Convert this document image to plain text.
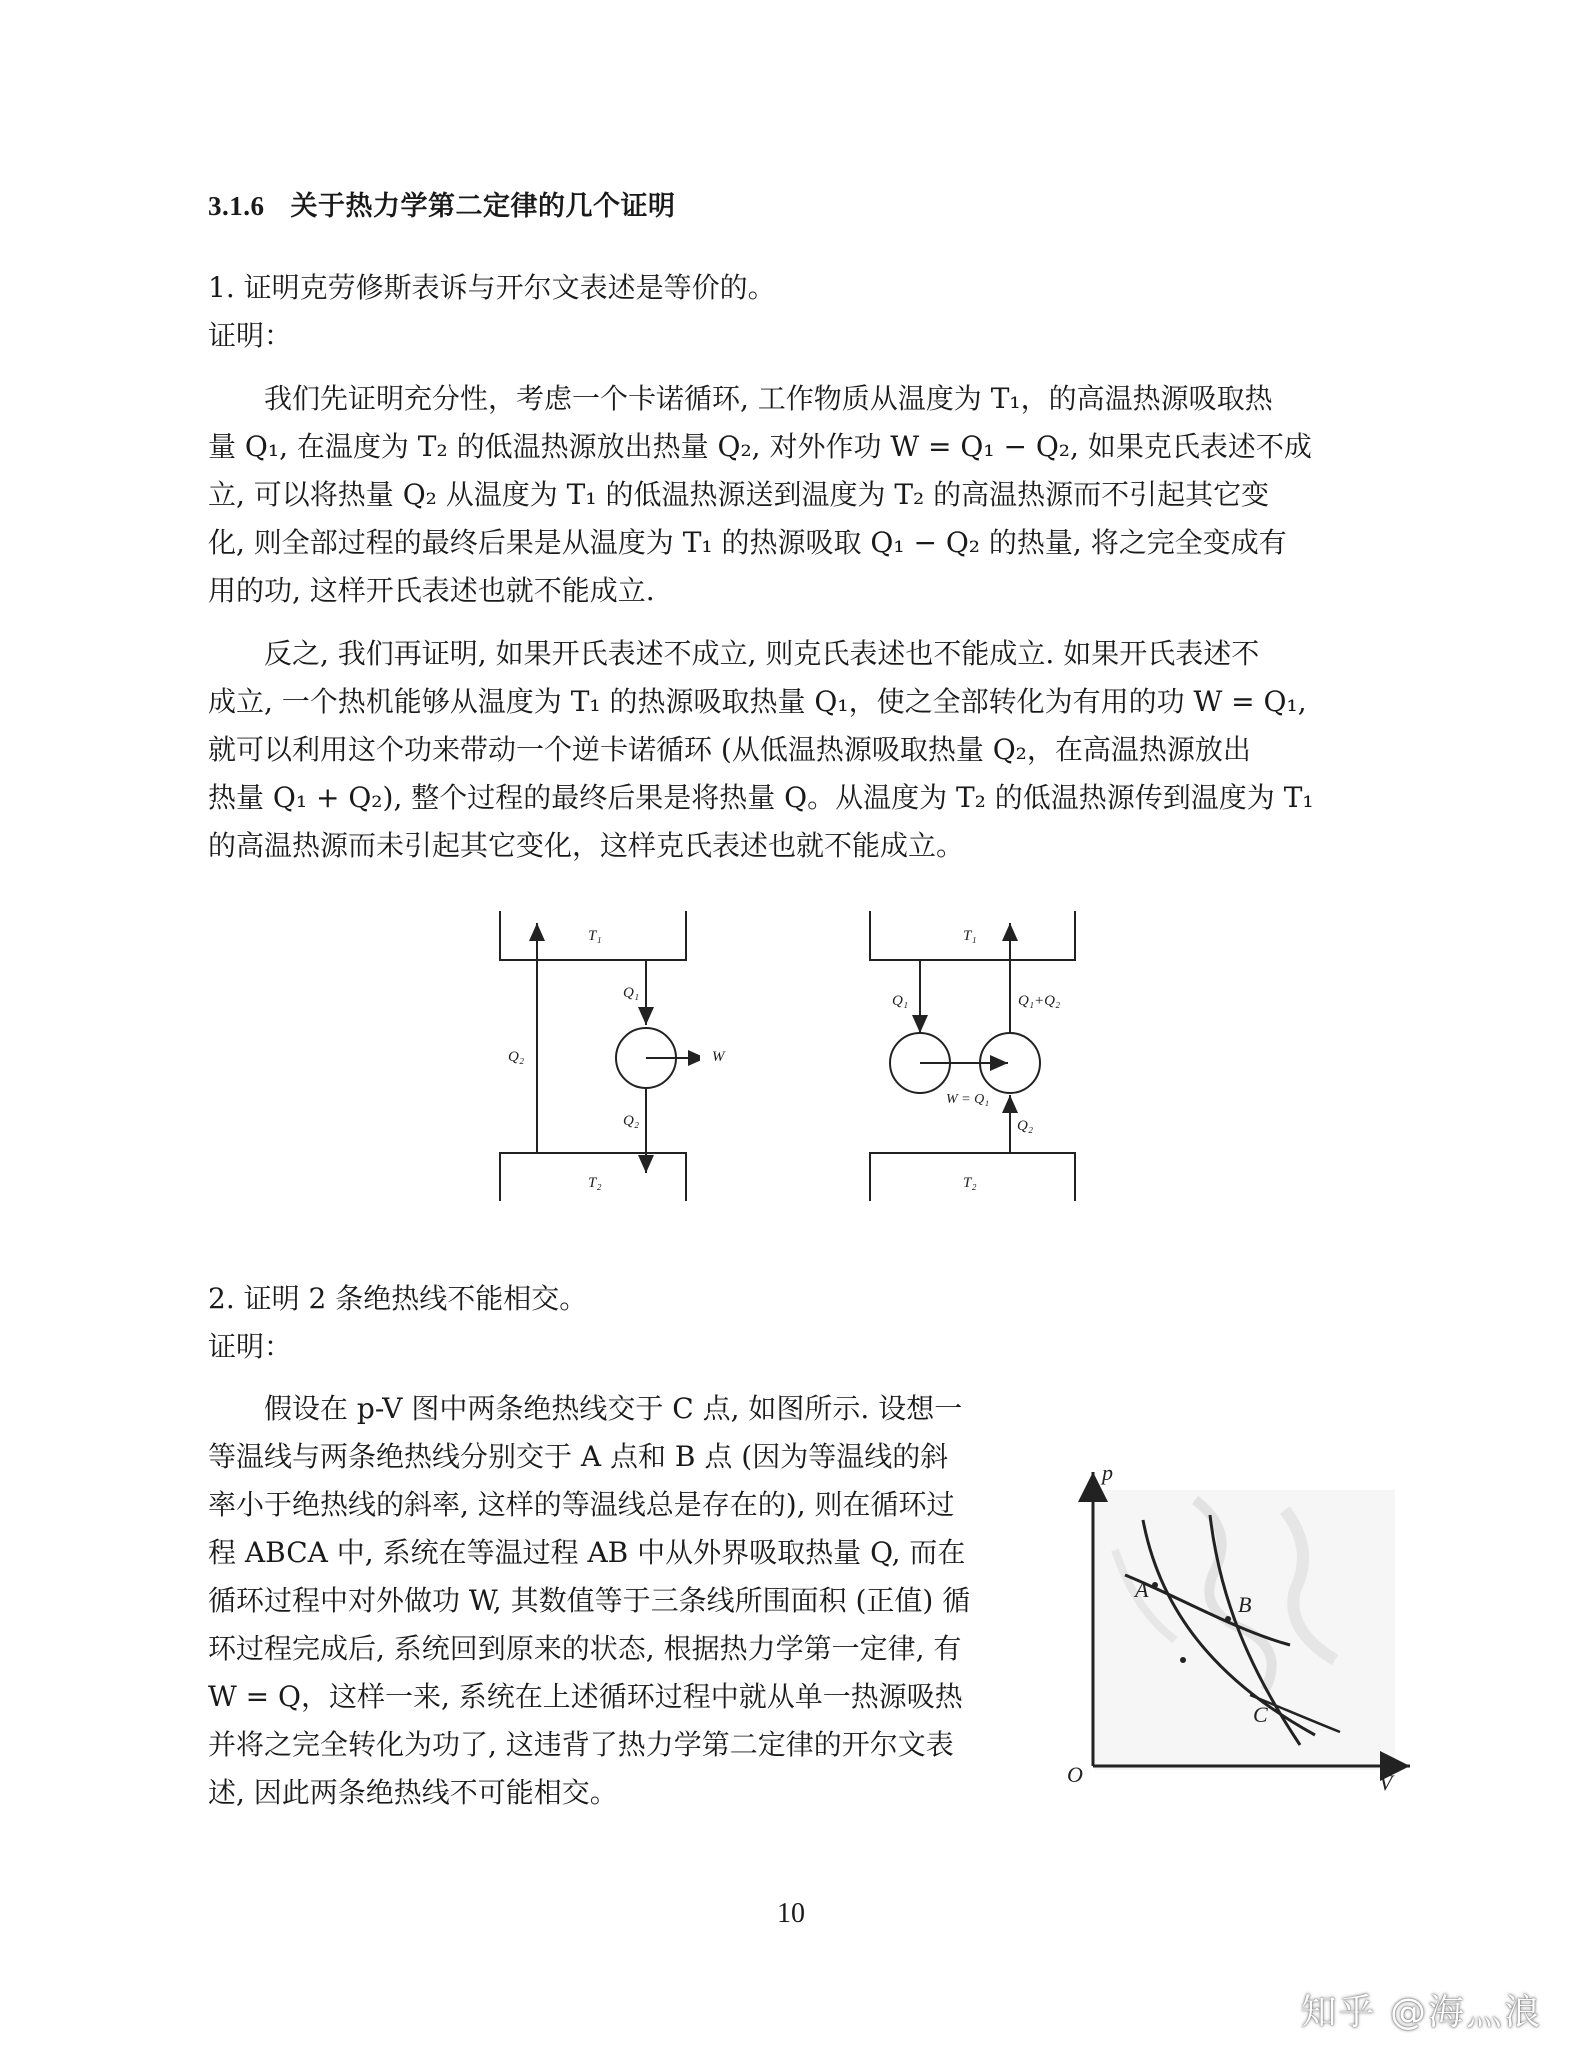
3.1.6 关于热力学第二定律的几个证明
1. 证明克劳修斯表诉与开尔文表述是等价的。
证明：

我们先证明充分性，考虑一个卡诺循环, 工作物质从温度为 T₁，的高温热源吸取热

量 Q₁, 在温度为 T₂ 的低温热源放出热量 Q₂, 对外作功 W = Q₁ − Q₂, 如果克氏表述不成

立, 可以将热量 Q₂ 从温度为 T₁ 的低温热源送到温度为 T₂ 的高温热源而不引起其它变

化, 则全部过程的最终后果是从温度为 T₁ 的热源吸取 Q₁ − Q₂ 的热量, 将之完全变成有

用的功, 这样开氏表述也就不能成立.

反之, 我们再证明, 如果开氏表述不成立, 则克氏表述也不能成立. 如果开氏表述不

成立, 一个热机能够从温度为 T₁ 的热源吸取热量 Q₁，使之全部转化为有用的功 W = Q₁,

就可以利用这个功来带动一个逆卡诺循环 (从低温热源吸取热量 Q₂，在高温热源放出

热量 Q₁ + Q₂), 整个过程的最终后果是将热量 Q。从温度为 T₂ 的低温热源传到温度为 T₁

的高温热源而未引起其它变化，这样克氏表述也就不能成立。

T₁
T₂
Q₂
Q₁
Q₂
W
T₁
T₂
Q₁	Q₁+Q₂
W = Q₁
Q₂
2. 证明 2 条绝热线不能相交。
证明：

假设在 p-V 图中两条绝热线交于 C 点, 如图所示. 设想一

等温线与两条绝热线分别交于 A 点和 B 点 (因为等温线的斜

率小于绝热线的斜率, 这样的等温线总是存在的), 则在循环过

程 ABCA 中, 系统在等温过程 AB 中从外界吸取热量 Q, 而在

循环过程中对外做功 W, 其数值等于三条线所围面积 (正值) 循

环过程完成后, 系统回到原来的状态, 根据热力学第一定律, 有

W = Q，这样一来, 系统在上述循环过程中就从单一热源吸热

并将之完全转化为功了, 这违背了热力学第二定律的开尔文表

述, 因此两条绝热线不可能相交。

p
V
O
A
B
C
10
知乎 @海灬浪
